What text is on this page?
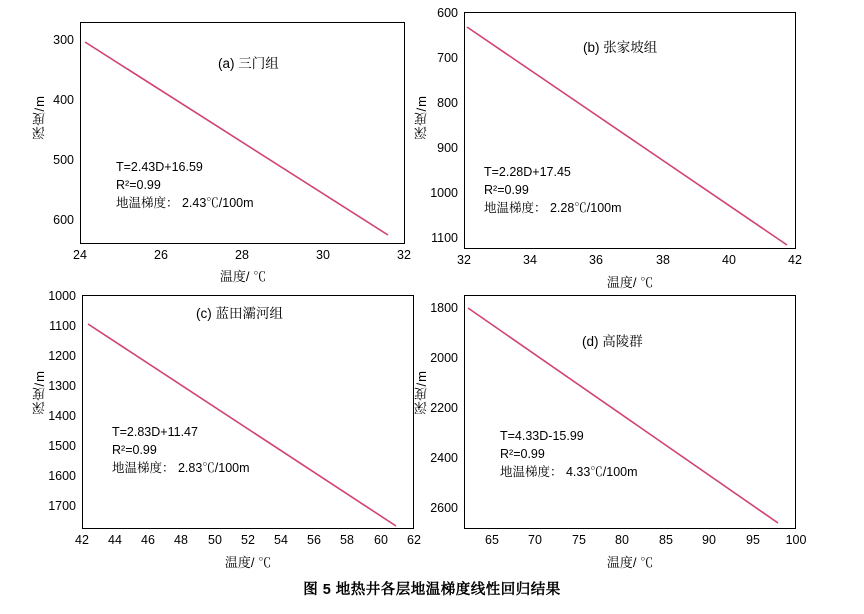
深度/m
300
400
500
600
(a) 三门组
T=2.43D+16.59
R²=0.99
地温梯度： 2.43℃/100m
24	26	28	30	32
温度/ ℃
深度/m
600
700
800
900
1000
1100
(b) 张家坡组
T=2.28D+17.45
R²=0.99
地温梯度： 2.28℃/100m
32	34	36	38	40	42
温度/ ℃
深度/m
1000
1100
1200
1300
1400
1500
1600
1700
(c) 蓝田灞河组
T=2.83D+11.47
R²=0.99
地温梯度： 2.83℃/100m
42	44	46	48	50	52	54	56	58	60	62
温度/ ℃
深度/m
1800
2000
2200
2400
2600
(d) 高陵群
T=4.33D-15.99
R²=0.99
地温梯度： 4.33℃/100m
65	70	75	80	85	90	95	100
温度/ ℃
图 5 地热井各层地温梯度线性回归结果
